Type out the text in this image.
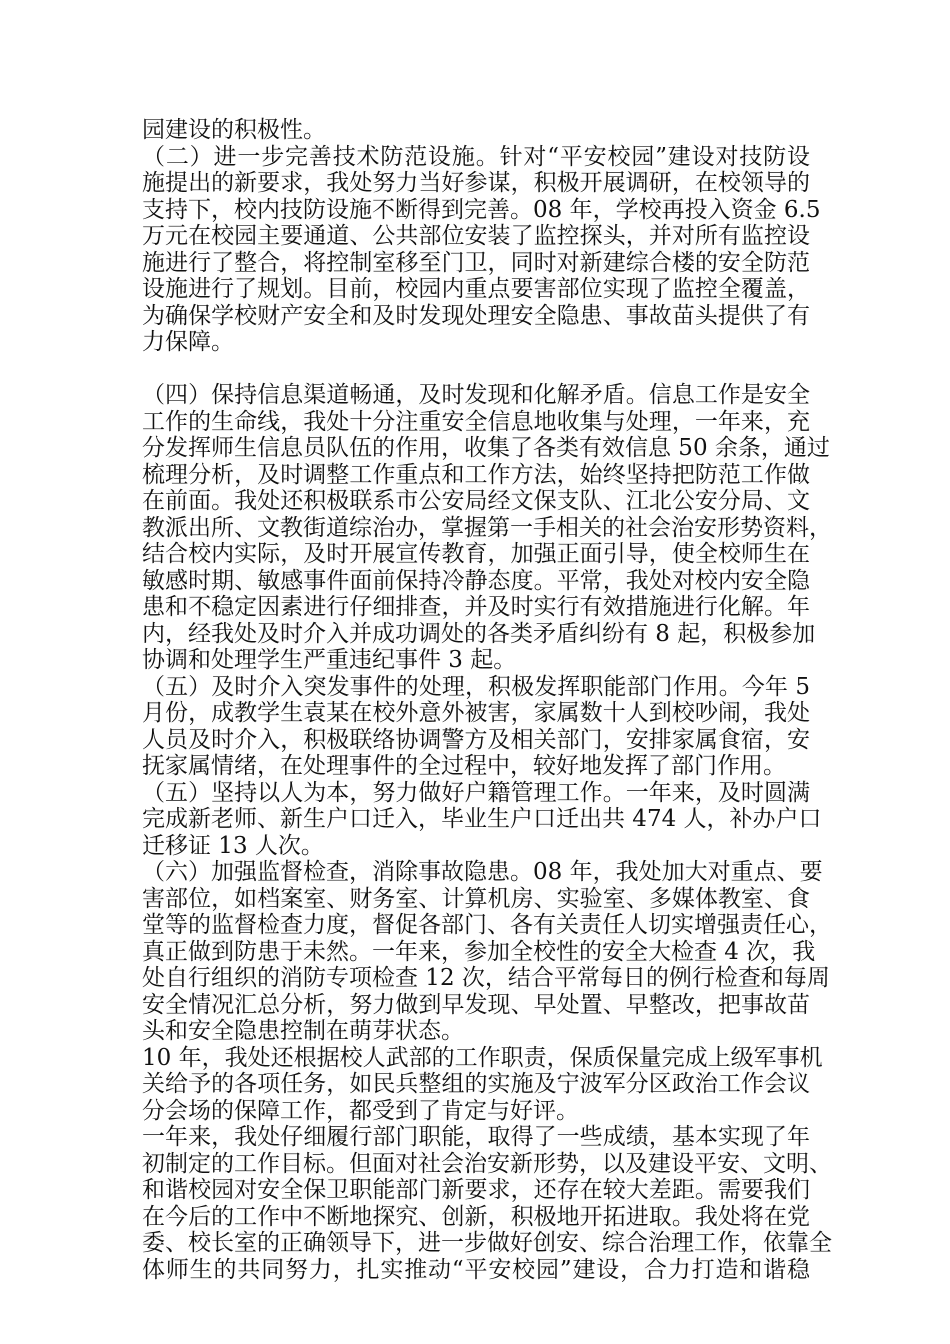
园建设的积极性。
（二）进一步完善技术防范设施。针对“平安校园”建设对技防设
施提出的新要求，我处努力当好参谋，积极开展调研，在校领导的
支持下，校内技防设施不断得到完善。08 年，学校再投入资金 6.5
万元在校园主要通道、公共部位安装了监控探头，并对所有监控设
施进行了整合，将控制室移至门卫，同时对新建综合楼的安全防范
设施进行了规划。目前，校园内重点要害部位实现了监控全覆盖，
为确保学校财产安全和及时发现处理安全隐患、事故苗头提供了有
力保障。
（四）保持信息渠道畅通，及时发现和化解矛盾。信息工作是安全
工作的生命线，我处十分注重安全信息地收集与处理，一年来，充
分发挥师生信息员队伍的作用，收集了各类有效信息 50 余条，通过
梳理分析，及时调整工作重点和工作方法，始终坚持把防范工作做
在前面。我处还积极联系市公安局经文保支队、江北公安分局、文
教派出所、文教街道综治办，掌握第一手相关的社会治安形势资料，
结合校内实际，及时开展宣传教育，加强正面引导，使全校师生在
敏感时期、敏感事件面前保持冷静态度。平常，我处对校内安全隐
患和不稳定因素进行仔细排查，并及时实行有效措施进行化解。年
内，经我处及时介入并成功调处的各类矛盾纠纷有 8 起，积极参加
协调和处理学生严重违纪事件 3 起。
（五）及时介入突发事件的处理，积极发挥职能部门作用。今年 5
月份，成教学生袁某在校外意外被害，家属数十人到校吵闹，我处
人员及时介入，积极联络协调警方及相关部门，安排家属食宿，安
抚家属情绪，在处理事件的全过程中，较好地发挥了部门作用。
（五）坚持以人为本，努力做好户籍管理工作。一年来，及时圆满
完成新老师、新生户口迁入，毕业生户口迁出共 474 人，补办户口
迁移证 13 人次。
（六）加强监督检查，消除事故隐患。08 年，我处加大对重点、要
害部位，如档案室、财务室、计算机房、实验室、多媒体教室、食
堂等的监督检查力度，督促各部门、各有关责任人切实增强责任心，
真正做到防患于未然。一年来，参加全校性的安全大检查 4 次，我
处自行组织的消防专项检查 12 次，结合平常每日的例行检查和每周
安全情况汇总分析，努力做到早发现、早处置、早整改，把事故苗
头和安全隐患控制在萌芽状态。
10 年，我处还根据校人武部的工作职责，保质保量完成上级军事机
关给予的各项任务，如民兵整组的实施及宁波军分区政治工作会议
分会场的保障工作，都受到了肯定与好评。
一年来，我处仔细履行部门职能，取得了一些成绩，基本实现了年
初制定的工作目标。但面对社会治安新形势，以及建设平安、文明、
和谐校园对安全保卫职能部门新要求，还存在较大差距。需要我们
在今后的工作中不断地探究、创新，积极地开拓进取。我处将在党
委、校长室的正确领导下，进一步做好创安、综合治理工作，依靠全
体师生的共同努力，扎实推动“平安校园”建设，合力打造和谐稳
